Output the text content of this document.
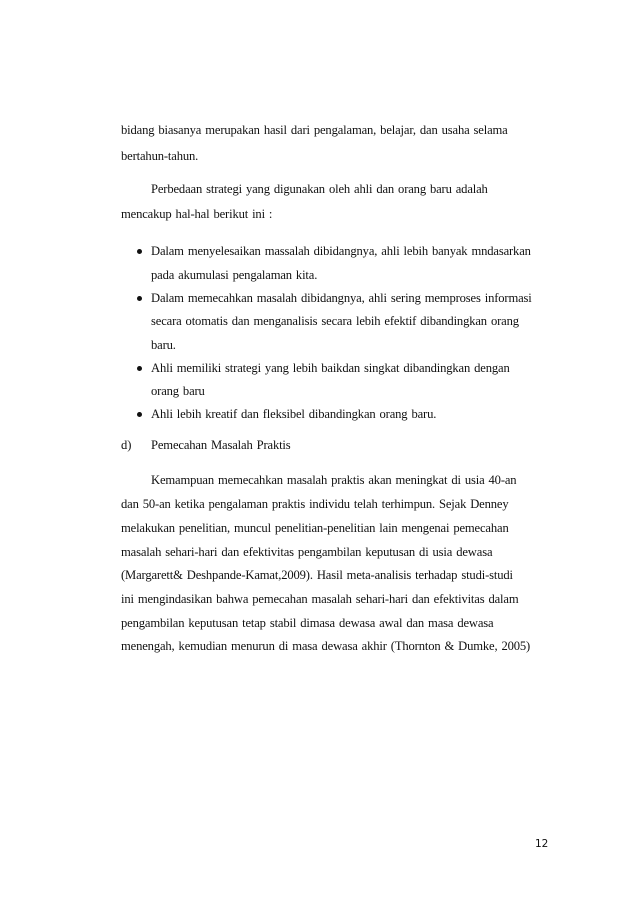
bidang biasanya merupakan hasil dari pengalaman, belajar, dan usaha selama
bertahun-tahun.
Perbedaan strategi yang digunakan oleh ahli dan orang baru adalah
mencakup hal-hal berikut ini :
Dalam menyelesaikan massalah dibidangnya, ahli lebih banyak mndasarkan
pada akumulasi pengalaman kita.
Dalam memecahkan masalah dibidangnya, ahli sering memproses informasi
secara otomatis dan menganalisis secara lebih efektif dibandingkan orang
baru.
Ahli memiliki strategi yang lebih baikdan singkat dibandingkan dengan
orang baru
Ahli lebih kreatif dan fleksibel dibandingkan orang baru.
d) Pemecahan Masalah Praktis
Kemampuan memecahkan masalah praktis akan meningkat di usia 40-an
dan 50-an ketika pengalaman praktis individu telah terhimpun. Sejak Denney
melakukan penelitian, muncul penelitian-penelitian lain mengenai pemecahan
masalah sehari-hari dan efektivitas pengambilan keputusan di usia dewasa
(Margarett& Deshpande-Kamat,2009). Hasil meta-analisis terhadap studi-studi
ini mengindasikan bahwa pemecahan masalah sehari-hari dan efektivitas dalam
pengambilan keputusan tetap stabil dimasa dewasa awal dan masa dewasa
menengah, kemudian menurun di masa dewasa akhir (Thornton & Dumke, 2005)
12
